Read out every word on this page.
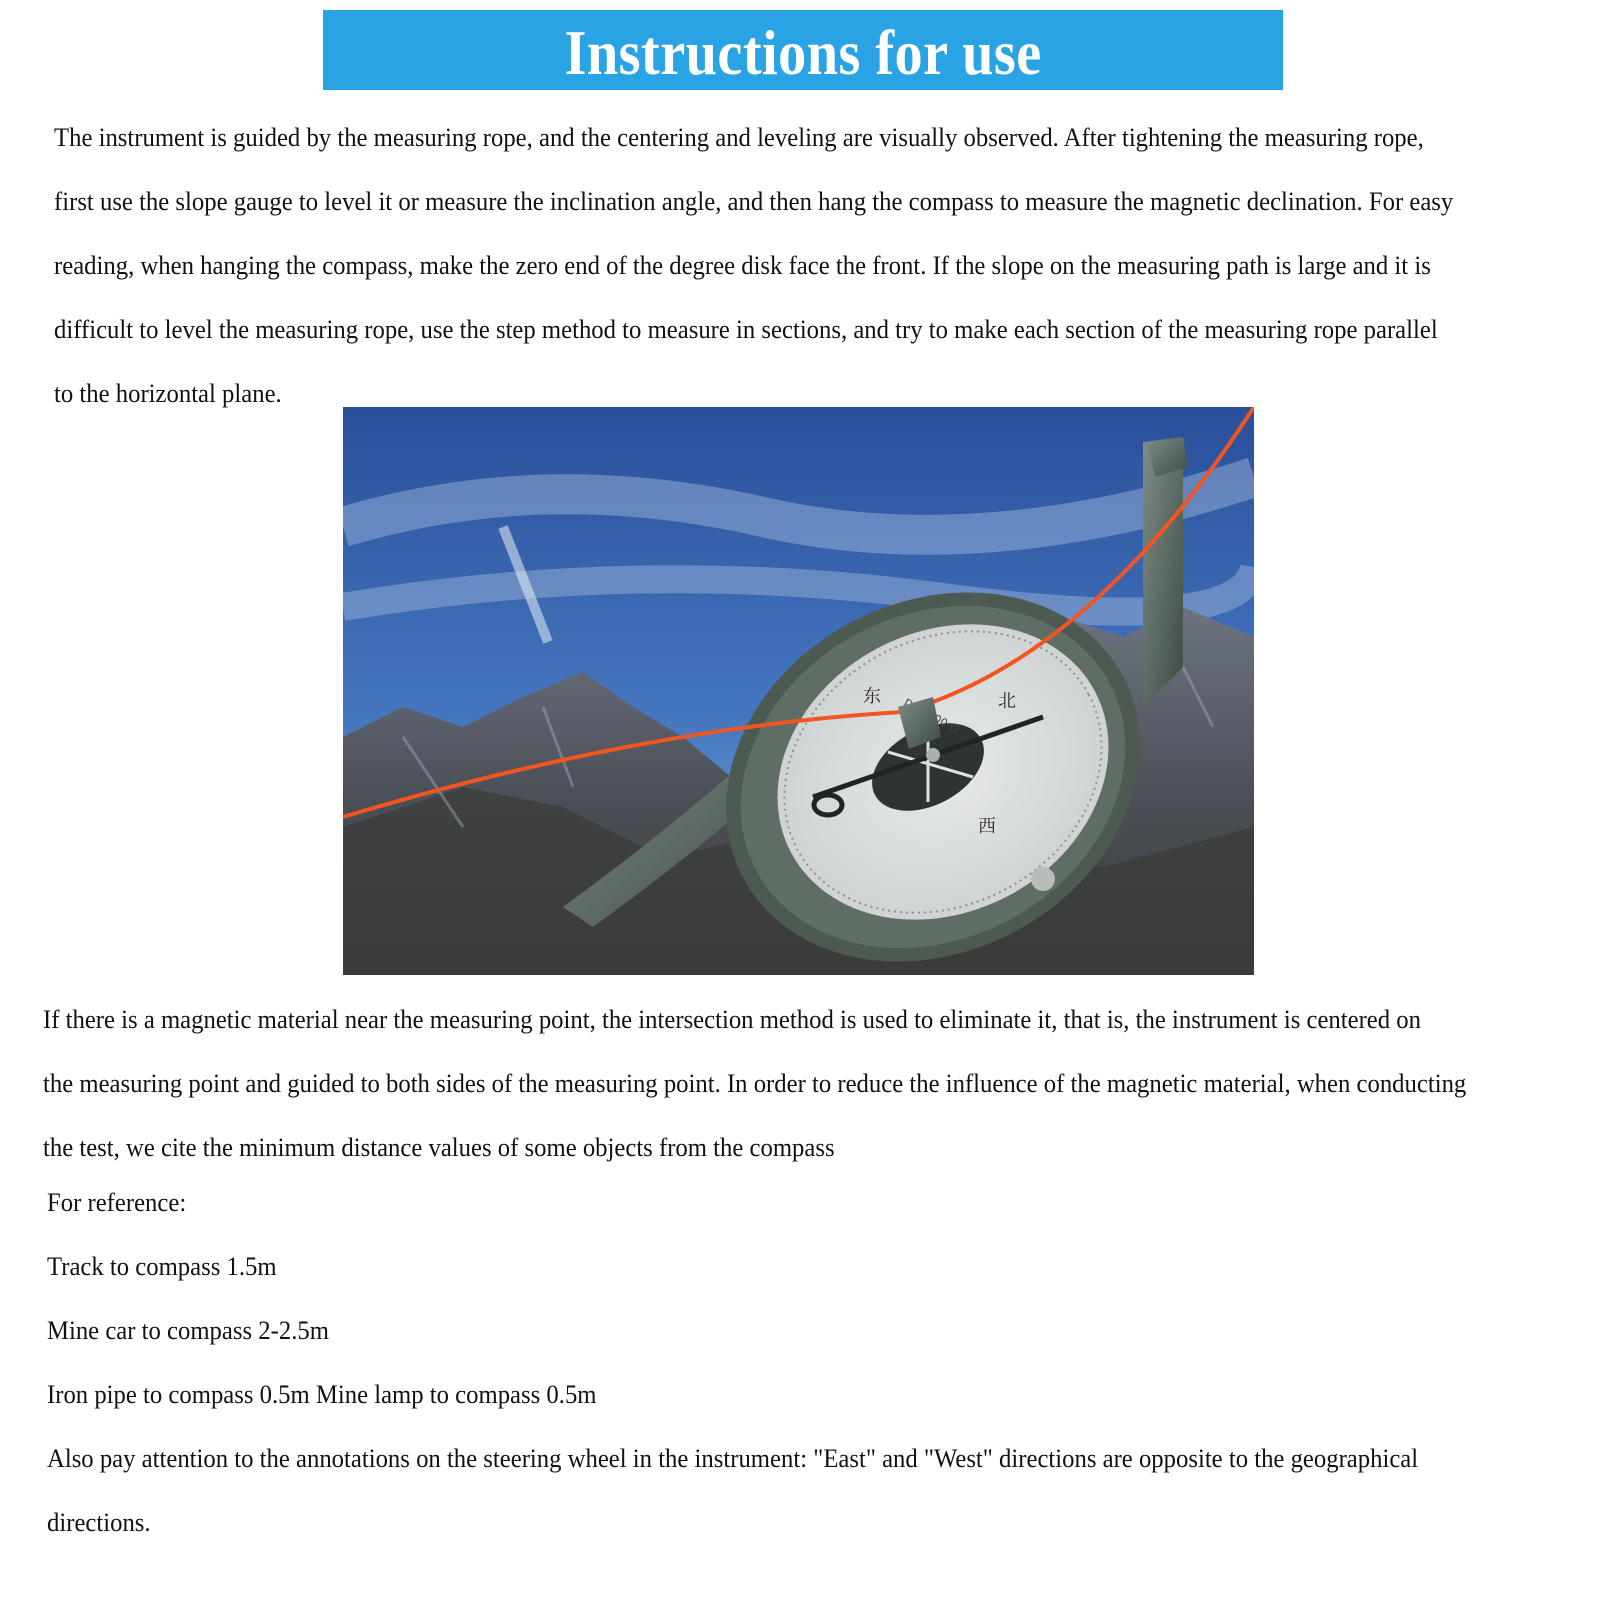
Instructions for use

The instrument is guided by the measuring rope, and the centering and leveling are visually observed. After tightening the measuring rope,
first use the slope gauge to level it or measure the inclination angle, and then hang the compass to measure the magnetic declination. For easy
reading, when hanging the compass, make the zero end of the degree disk face the front. If the slope on the measuring path is large and it is
difficult to level the measuring rope, use the step method to measure in sections, and try to make each section of the measuring rope parallel
to the horizontal plane.

东	北
西
100-G

If there is a magnetic material near the measuring point, the intersection method is used to eliminate it, that is, the instrument is centered on
the measuring point and guided to both sides of the measuring point. In order to reduce the influence of the magnetic material, when conducting
the test, we cite the minimum distance values of some objects from the compass

For reference:
Track to compass 1.5m
Mine car to compass 2-2.5m
Iron pipe to compass 0.5m Mine lamp to compass 0.5m
Also pay attention to the annotations on the steering wheel in the instrument: "East" and "West" directions are opposite to the geographical
directions.
